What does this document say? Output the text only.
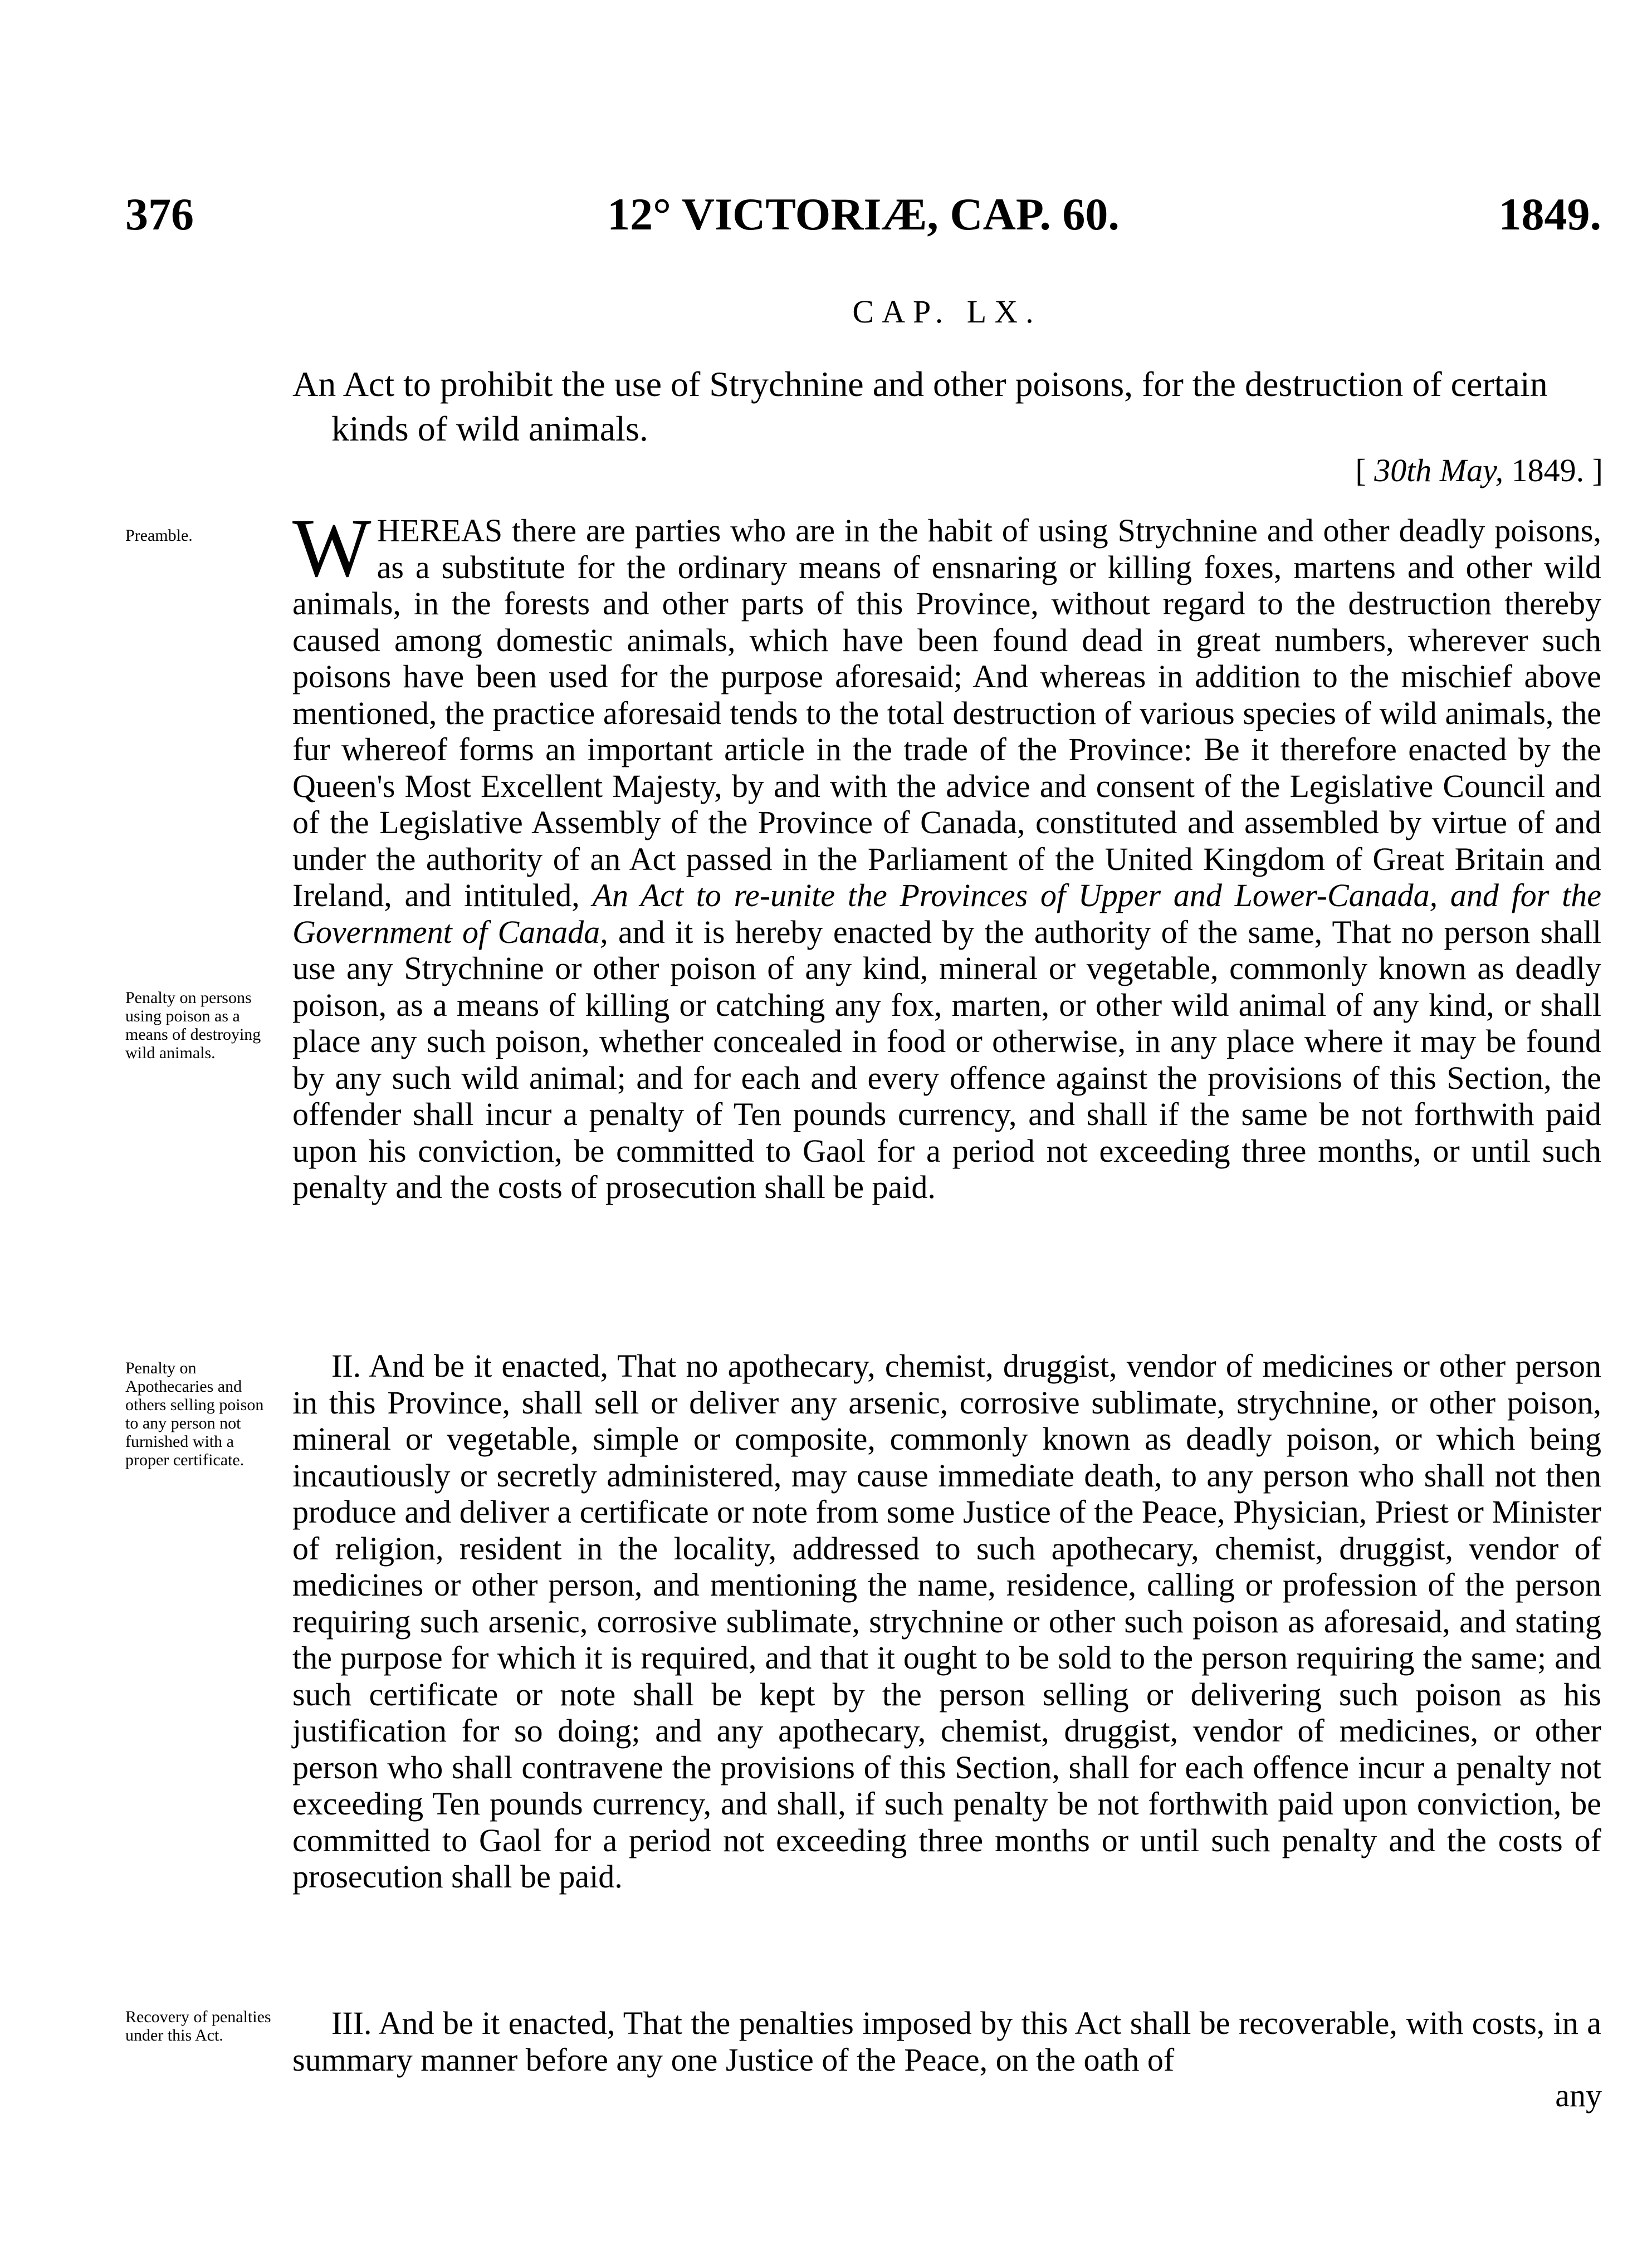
376	12° VICTORIÆ, CAP. 60.	1849.
CAP. LX.
An Act to prohibit the use of Strychnine and other poisons, for the destruction of certain kinds of wild animals.
[ 30th May, 1849. ]
Preamble.
Penalty on persons using poison as a means of destroying wild animals.
Penalty on Apothecaries and others selling poison to any person not furnished with a proper certificate.
Recovery of penalties under this Act.

WHEREAS there are parties who are in the habit of using Strychnine and other deadly poisons, as a substitute for the ordinary means of ensnaring or killing foxes, martens and other wild animals, in the forests and other parts of this Province, without regard to the destruction thereby caused among domestic animals, which have been found dead in great numbers, wherever such poisons have been used for the purpose aforesaid; And whereas in addition to the mischief above mentioned, the practice aforesaid tends to the total destruction of various species of wild animals, the fur whereof forms an important article in the trade of the Province: Be it therefore enacted by the Queen's Most Excellent Majesty, by and with the advice and consent of the Legislative Council and of the Legislative Assembly of the Province of Canada, constituted and assembled by virtue of and under the authority of an Act passed in the Parliament of the United Kingdom of Great Britain and Ireland, and intituled, An Act to re-unite the Provinces of Upper and Lower-Canada, and for the Government of Canada, and it is hereby enacted by the authority of the same, That no person shall use any Strychnine or other poison of any kind, mineral or vegetable, commonly known as deadly poison, as a means of killing or catching any fox, marten, or other wild animal of any kind, or shall place any such poison, whether concealed in food or otherwise, in any place where it may be found by any such wild animal; and for each and every offence against the provisions of this Section, the offender shall incur a penalty of Ten pounds currency, and shall if the same be not forthwith paid upon his conviction, be committed to Gaol for a period not exceeding three months, or until such penalty and the costs of prosecution shall be paid.

II. And be it enacted, That no apothecary, chemist, druggist, vendor of medicines or other person in this Province, shall sell or deliver any arsenic, corrosive sublimate, strychnine, or other poison, mineral or vegetable, simple or composite, commonly known as deadly poison, or which being incautiously or secretly administered, may cause immediate death, to any person who shall not then produce and deliver a certificate or note from some Justice of the Peace, Physician, Priest or Minister of religion, resident in the locality, addressed to such apothecary, chemist, druggist, vendor of medicines or other person, and mentioning the name, residence, calling or profession of the person requiring such arsenic, corrosive sublimate, strychnine or other such poison as aforesaid, and stating the purpose for which it is required, and that it ought to be sold to the person requiring the same; and such certificate or note shall be kept by the person selling or delivering such poison as his justification for so doing; and any apothecary, chemist, druggist, vendor of medicines, or other person who shall contravene the provisions of this Section, shall for each offence incur a penalty not exceeding Ten pounds currency, and shall, if such penalty be not forthwith paid upon conviction, be committed to Gaol for a period not exceeding three months or until such penalty and the costs of prosecution shall be paid.

III. And be it enacted, That the penalties imposed by this Act shall be recoverable, with costs, in a summary manner before any one Justice of the Peace, on the oath of

any
